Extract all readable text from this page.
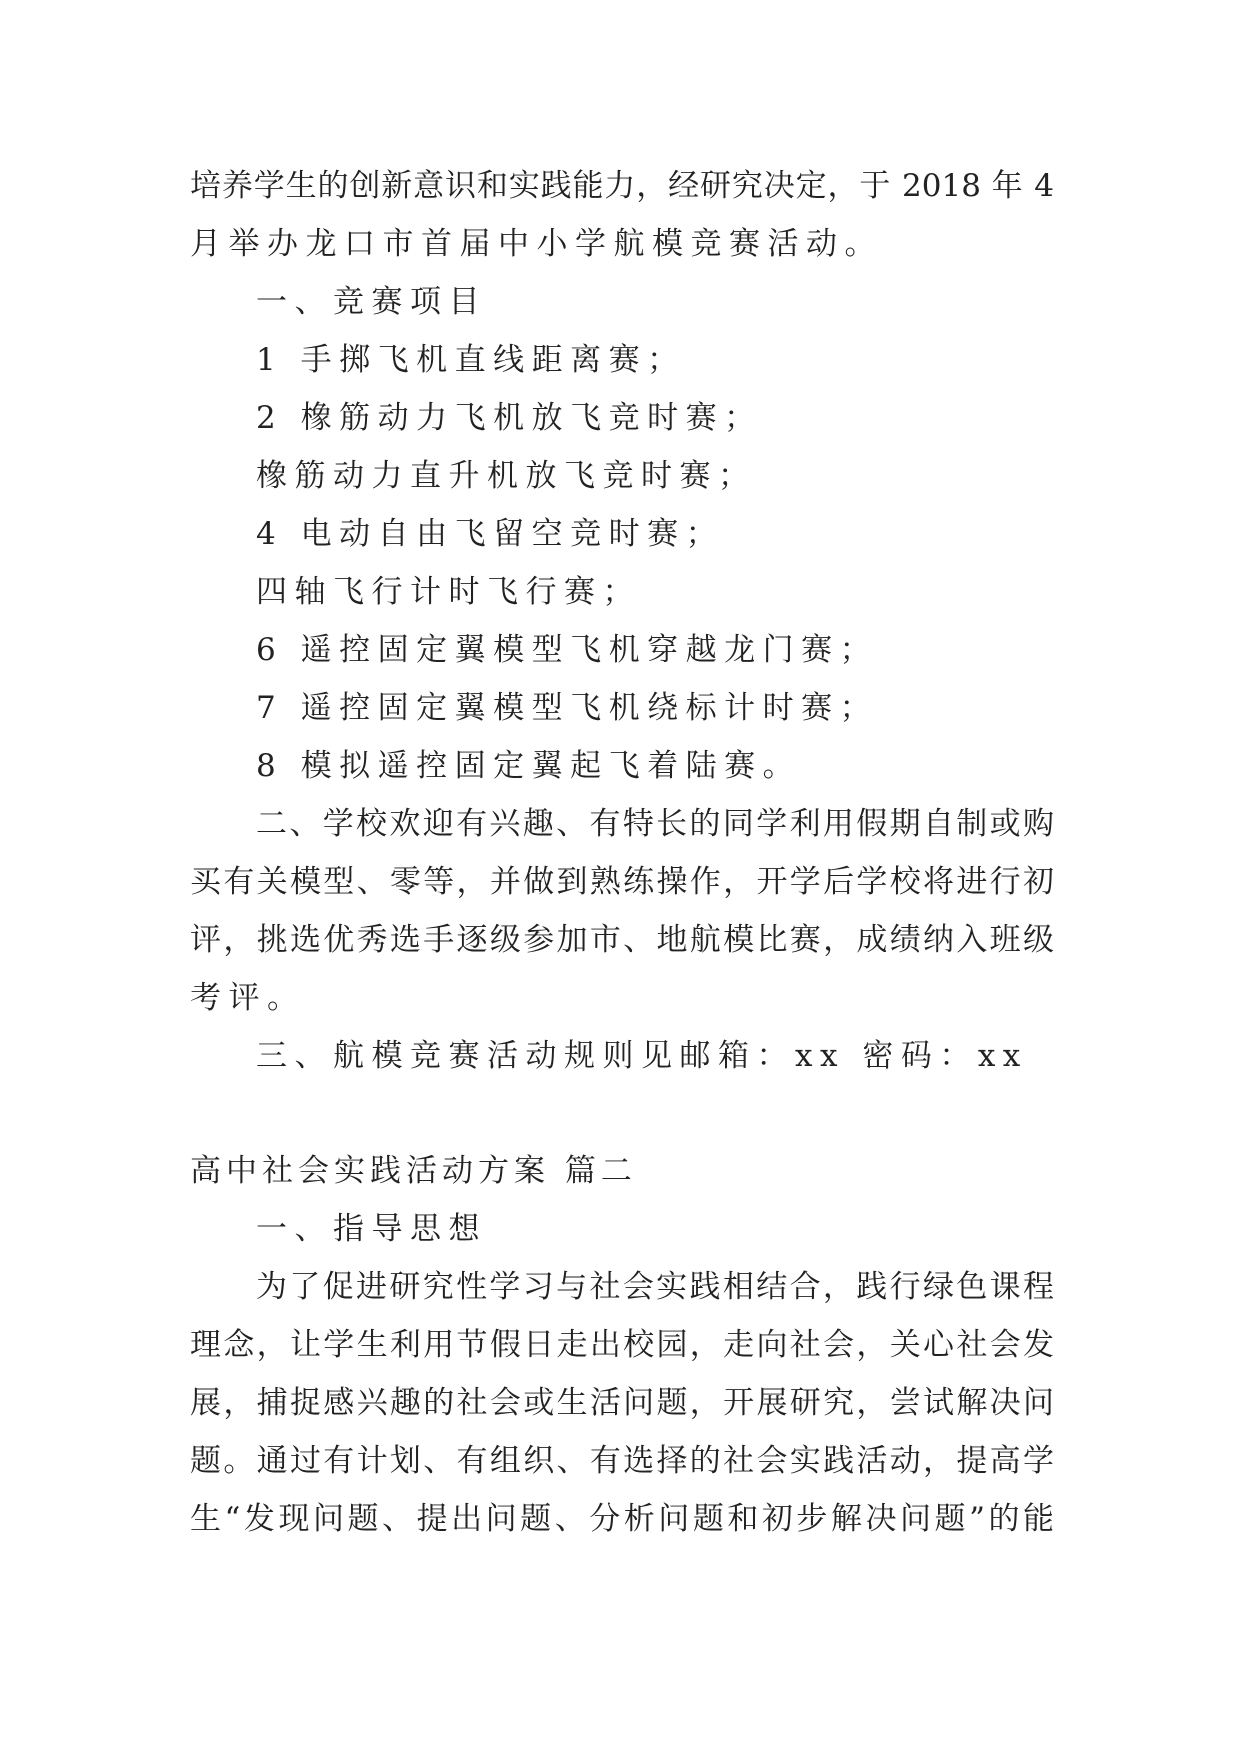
培养学生的创新意识和实践能力，经研究决定，于 2018 年 4
月举办龙口市首届中小学航模竞赛活动。
一、竞赛项目
1 手掷飞机直线距离赛；
2 橡筋动力飞机放飞竞时赛；
橡筋动力直升机放飞竞时赛；
4 电动自由飞留空竞时赛；
四轴飞行计时飞行赛；
6 遥控固定翼模型飞机穿越龙门赛；
7 遥控固定翼模型飞机绕标计时赛；
8 模拟遥控固定翼起飞着陆赛。
二、学校欢迎有兴趣、有特长的同学利用假期自制或购
买有关模型、零等，并做到熟练操作，开学后学校将进行初
评，挑选优秀选手逐级参加市、地航模比赛，成绩纳入班级
考评。
三、航模竞赛活动规则见邮箱：xx 密码：xx
高中社会实践活动方案 篇二
一、指导思想
为了促进研究性学习与社会实践相结合，践行绿色课程
理念，让学生利用节假日走出校园，走向社会，关心社会发
展，捕捉感兴趣的社会或生活问题，开展研究，尝试解决问
题。通过有计划、有组织、有选择的社会实践活动，提高学
生“发现问题、提出问题、分析问题和初步解决问题”的能
